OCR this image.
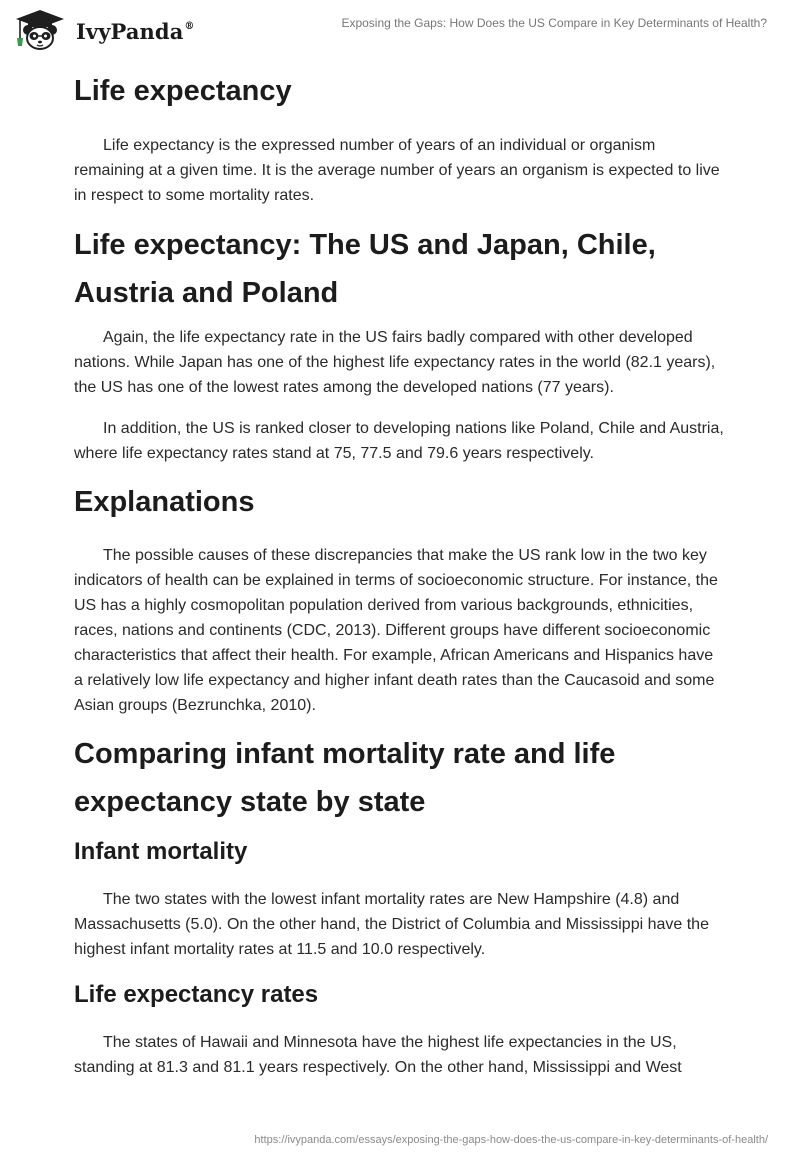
IvyPanda®	Exposing the Gaps: How Does the US Compare in Key Determinants of Health?
Life expectancy

Life expectancy is the expressed number of years of an individual or organism remaining at a given time. It is the average number of years an organism is expected to live in respect to some mortality rates.

Life expectancy: The US and Japan, Chile, Austria and Poland

Again, the life expectancy rate in the US fairs badly compared with other developed nations. While Japan has one of the highest life expectancy rates in the world (82.1 years), the US has one of the lowest rates among the developed nations (77 years).

In addition, the US is ranked closer to developing nations like Poland, Chile and Austria, where life expectancy rates stand at 75, 77.5 and 79.6 years respectively.

Explanations

The possible causes of these discrepancies that make the US rank low in the two key indicators of health can be explained in terms of socioeconomic structure. For instance, the US has a highly cosmopolitan population derived from various backgrounds, ethnicities, races, nations and continents (CDC, 2013). Different groups have different socioeconomic characteristics that affect their health. For example, African Americans and Hispanics have a relatively low life expectancy and higher infant death rates than the Caucasoid and some Asian groups (Bezrunchka, 2010).

Comparing infant mortality rate and life expectancy state by state
Infant mortality

The two states with the lowest infant mortality rates are New Hampshire (4.8) and Massachusetts (5.0). On the other hand, the District of Columbia and Mississippi have the highest infant mortality rates at 11.5 and 10.0 respectively.

Life expectancy rates

The states of Hawaii and Minnesota have the highest life expectancies in the US, standing at 81.3 and 81.1 years respectively. On the other hand, Mississippi and West

https://ivypanda.com/essays/exposing-the-gaps-how-does-the-us-compare-in-key-determinants-of-health/
